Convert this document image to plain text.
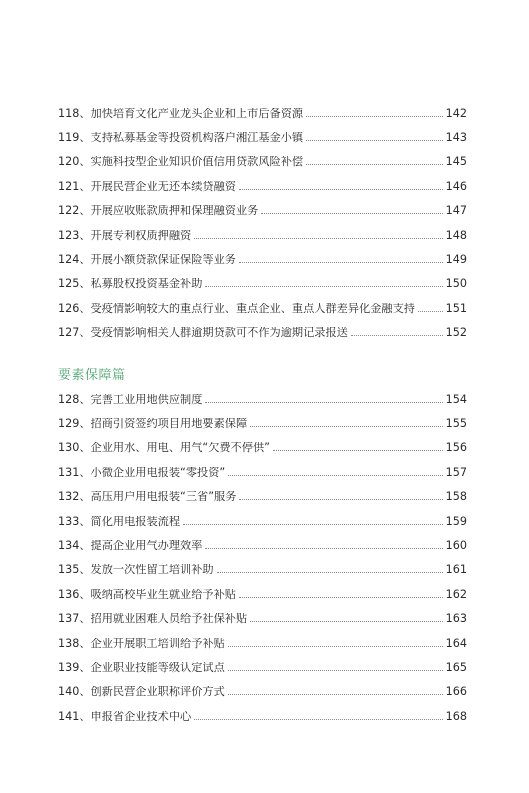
118、 加快培育文化产业龙头企业和上市后备资源	142
119、 支持私募基金等投资机构落户湘江基金小镇	143
120、 实施科技型企业知识价值信用贷款风险补偿	145
121、 开展民营企业无还本续贷融资	146
122、 开展应收账款质押和保理融资业务	147
123、 开展专利权质押融资	148
124、 开展小额贷款保证保险等业务	149
125、 私募股权投资基金补助	150
126、 受疫情影响较大的重点行业、重点企业、重点人群差异化金融支持	151
127、 受疫情影响相关人群逾期贷款可不作为逾期记录报送	152
要素保障篇
128、 完善工业用地供应制度	154
129、 招商引资签约项目用地要素保障	155
130、 企业用水、用电、用气“欠费不停供”	156
131、 小微企业用电报装“零投资”	157
132、 高压用户用电报装“三省”服务	158
133、 简化用电报装流程	159
134、 提高企业用气办理效率	160
135、 发放一次性留工培训补助	161
136、 吸纳高校毕业生就业给予补贴	162
137、 招用就业困难人员给予社保补贴	163
138、 企业开展职工培训给予补贴	164
139、 企业职业技能等级认定试点	165
140、 创新民营企业职称评价方式	166
141、 申报省企业技术中心	168
